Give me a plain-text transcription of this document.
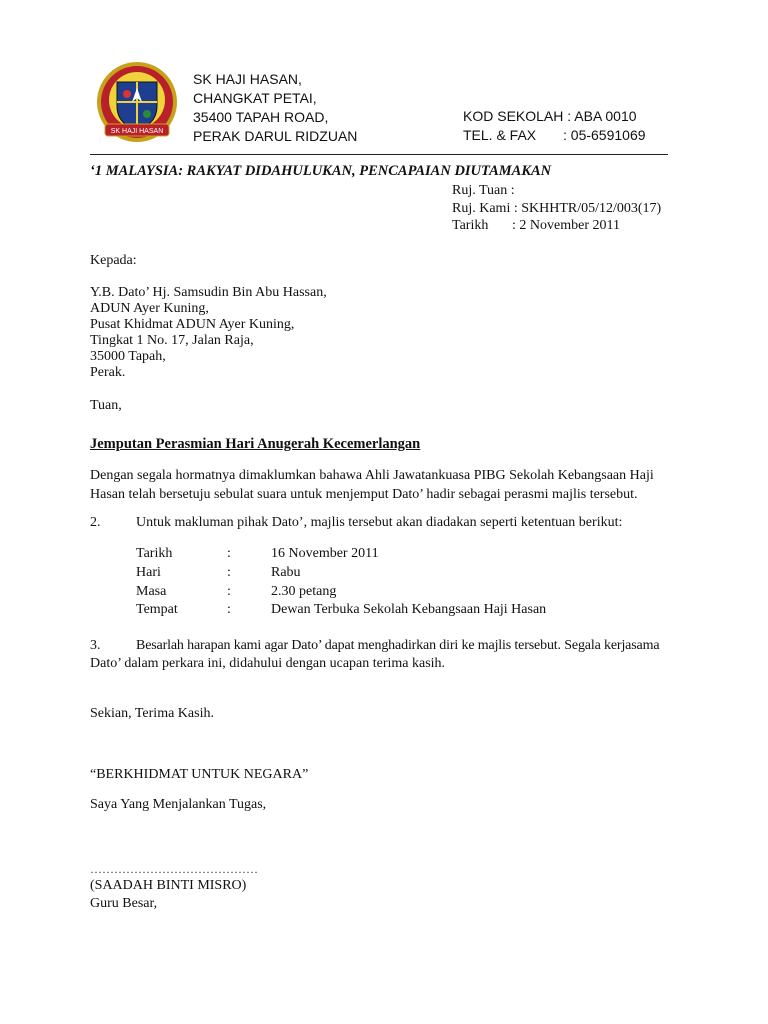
SK HAJI HASAN
SK HAJI HASAN,
CHANGKAT PETAI,
35400 TAPAH ROAD,
PERAK DARUL RIDZUAN
KOD SEKOLAH : ABA 0010
TEL. & FAX : 05-6591069
‘1 MALAYSIA: RAKYAT DIDAHULUKAN, PENCAPAIAN DIUTAMAKAN
Ruj. Tuan :
Ruj. Kami : SKHHTR/05/12/003(17)
Tarikh : 2 November 2011
Kepada:
Y.B. Dato’ Hj. Samsudin Bin Abu Hassan,
ADUN Ayer Kuning,
Pusat Khidmat ADUN Ayer Kuning,
Tingkat 1 No. 17, Jalan Raja,
35000 Tapah,
Perak.
Tuan,
Jemputan Perasmian Hari Anugerah Kecemerlangan
Dengan segala hormatnya dimaklumkan bahawa Ahli Jawatankuasa PIBG Sekolah Kebangsaan Haji
Hasan telah bersetuju sebulat suara untuk menjemput Dato’ hadir sebagai perasmi majlis tersebut.
2.	Untuk makluman pihak Dato’, majlis tersebut akan diadakan seperti ketentuan berikut:
Tarikh	:	16 November 2011
Hari	:	Rabu
Masa	:	2.30 petang
Tempat	:	Dewan Terbuka Sekolah Kebangsaan Haji Hasan
3.	Besarlah harapan kami agar Dato’ dapat menghadirkan diri ke majlis tersebut. Segala kerjasama
Dato’ dalam perkara ini, didahului dengan ucapan terima kasih.
Sekian, Terima Kasih.
“BERKHIDMAT UNTUK NEGARA”
Saya Yang Menjalankan Tugas,
……………………………………
(SAADAH BINTI MISRO)
Guru Besar,
